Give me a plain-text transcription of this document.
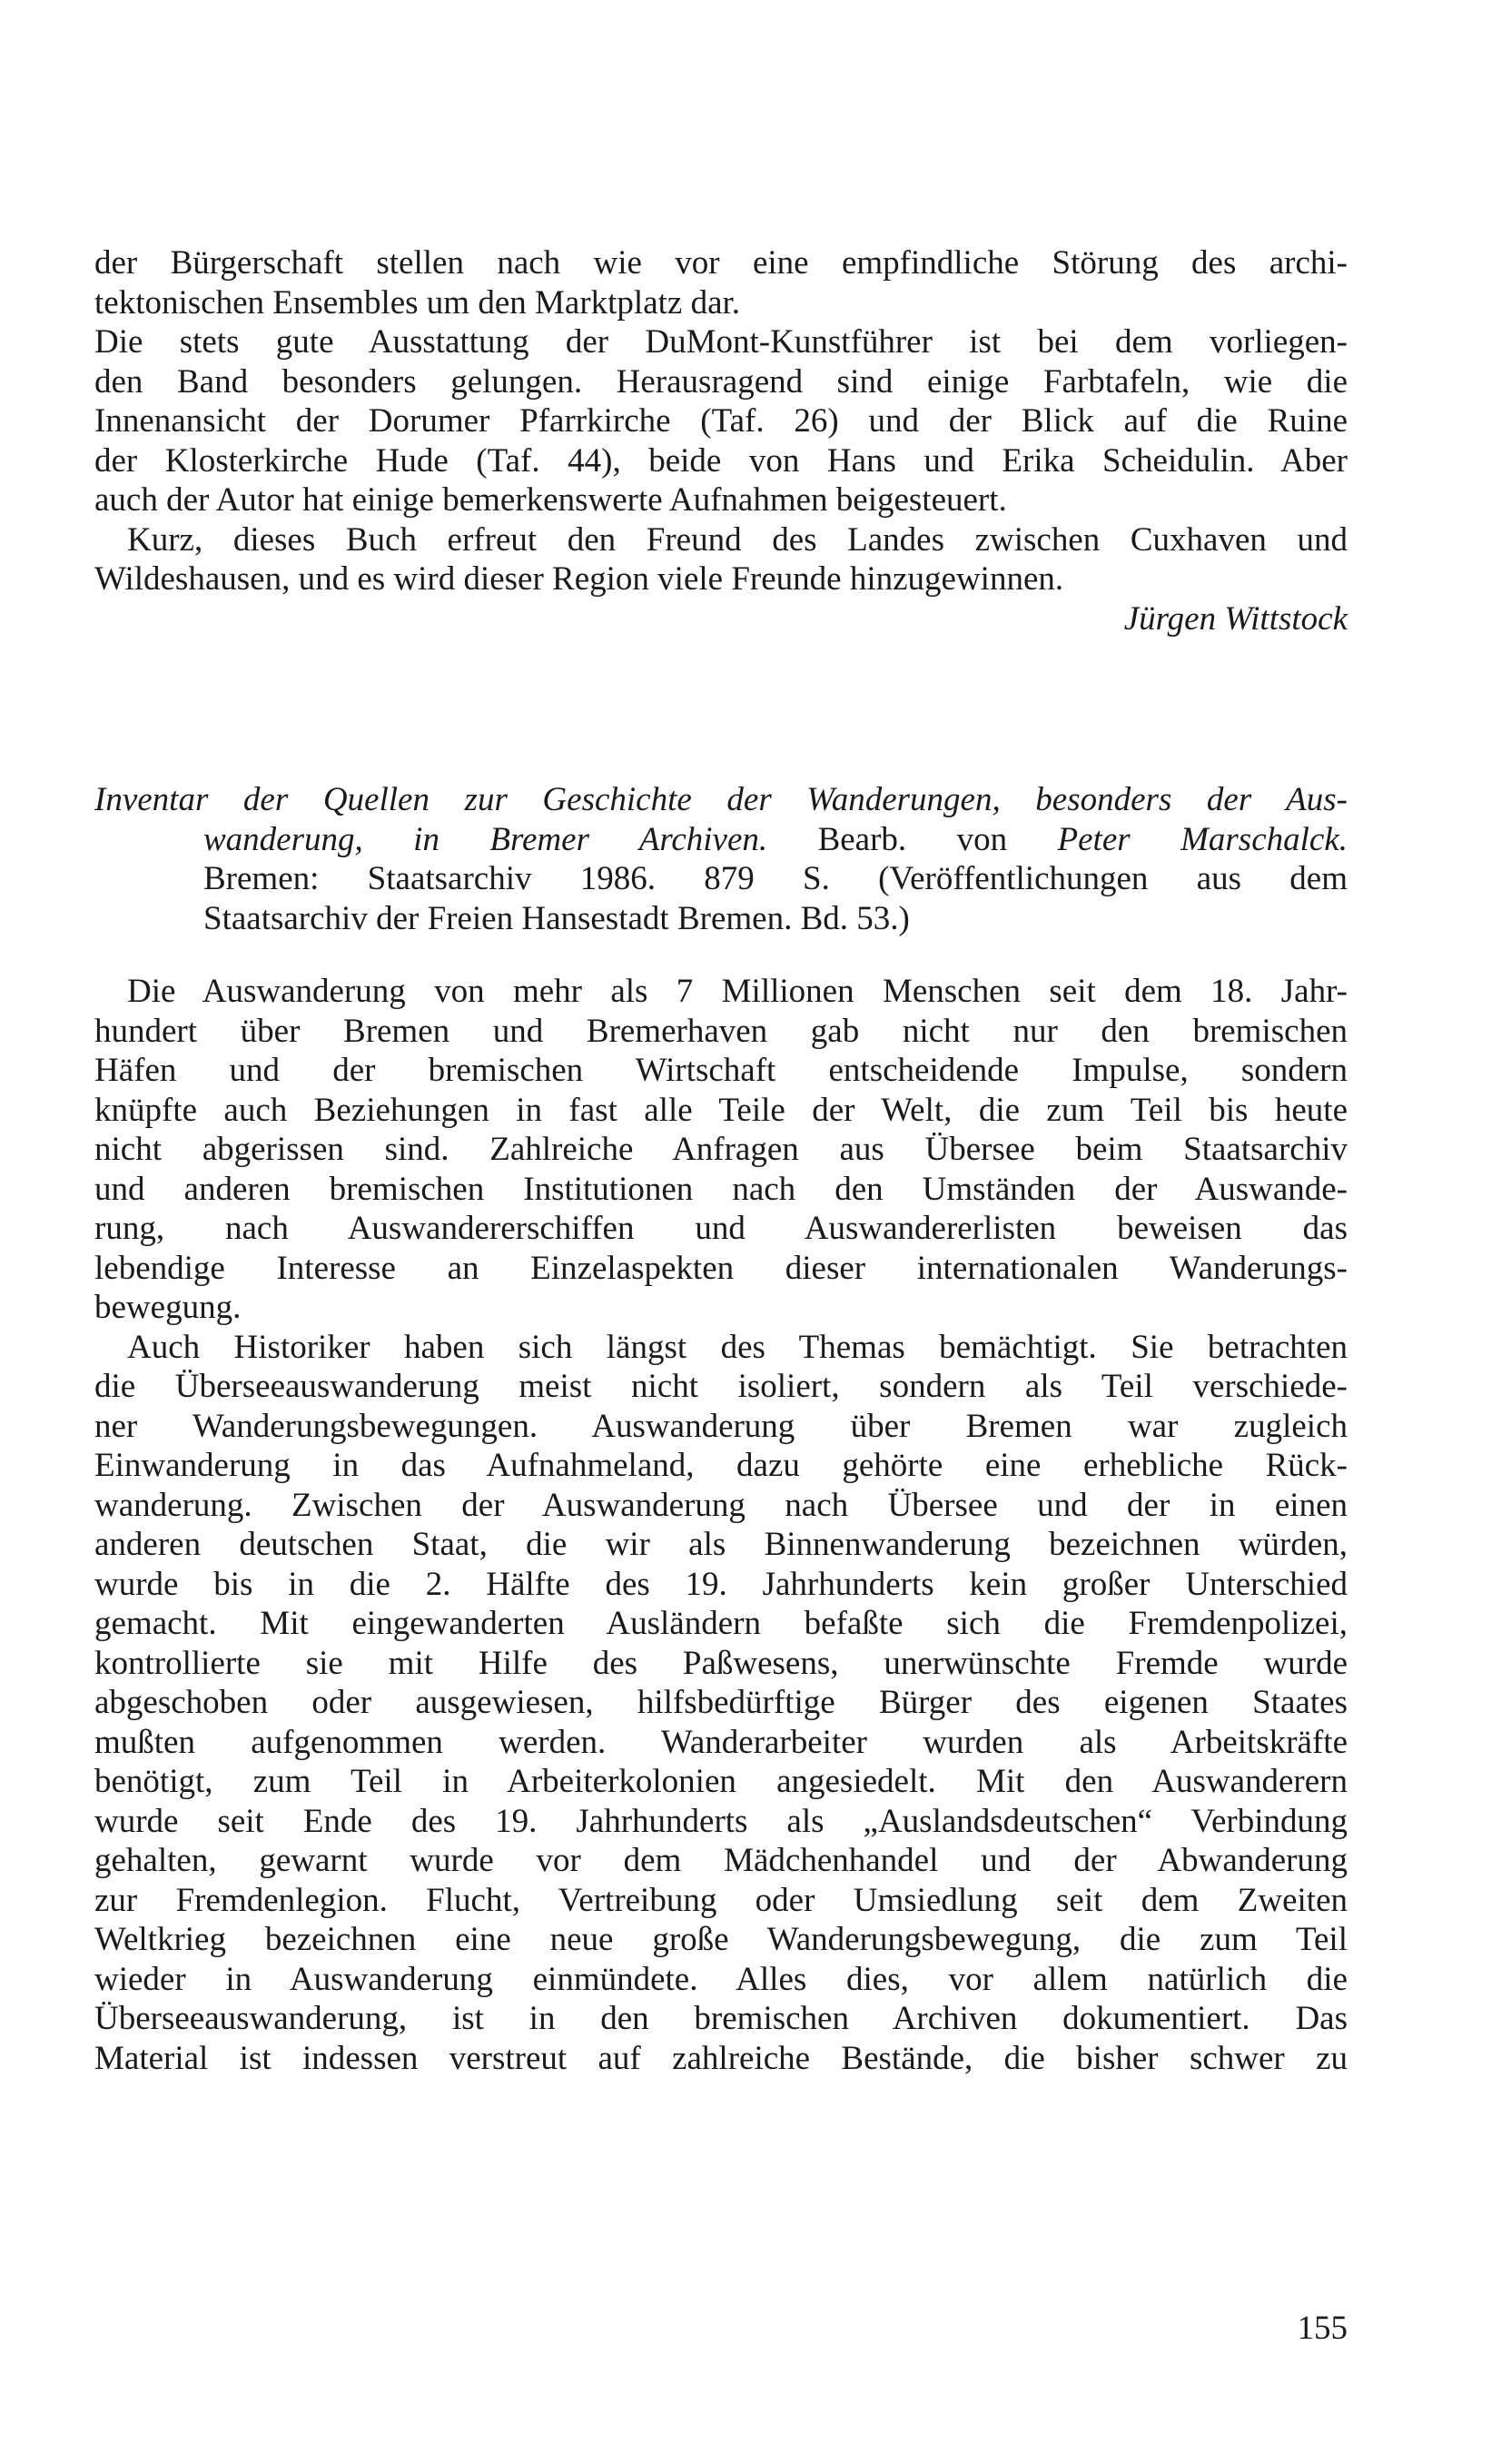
der Bürgerschaft stellen nach wie vor eine empfindliche Störung des archi-
tektonischen Ensembles um den Marktplatz dar.
Die stets gute Ausstattung der DuMont-Kunstführer ist bei dem vorliegen-
den Band besonders gelungen. Herausragend sind einige Farbtafeln, wie die
Innenansicht der Dorumer Pfarrkirche (Taf. 26) und der Blick auf die Ruine
der Klosterkirche Hude (Taf. 44), beide von Hans und Erika Scheidulin. Aber
auch der Autor hat einige bemerkenswerte Aufnahmen beigesteuert.
Kurz, dieses Buch erfreut den Freund des Landes zwischen Cuxhaven und
Wildeshausen, und es wird dieser Region viele Freunde hinzugewinnen.
Jürgen Wittstock
Inventar der Quellen zur Geschichte der Wanderungen, besonders der Aus-
wanderung, in Bremer Archiven. Bearb. von Peter Marschalck.
Bremen: Staatsarchiv 1986. 879 S. (Veröffentlichungen aus dem
Staatsarchiv der Freien Hansestadt Bremen. Bd. 53.)
Die Auswanderung von mehr als 7 Millionen Menschen seit dem 18. Jahr-
hundert über Bremen und Bremerhaven gab nicht nur den bremischen
Häfen und der bremischen Wirtschaft entscheidende Impulse, sondern
knüpfte auch Beziehungen in fast alle Teile der Welt, die zum Teil bis heute
nicht abgerissen sind. Zahlreiche Anfragen aus Übersee beim Staatsarchiv
und anderen bremischen Institutionen nach den Umständen der Auswande-
rung, nach Auswandererschiffen und Auswandererlisten beweisen das
lebendige Interesse an Einzelaspekten dieser internationalen Wanderungs-
bewegung.
Auch Historiker haben sich längst des Themas bemächtigt. Sie betrachten
die Überseeauswanderung meist nicht isoliert, sondern als Teil verschiede-
ner Wanderungsbewegungen. Auswanderung über Bremen war zugleich
Einwanderung in das Aufnahmeland, dazu gehörte eine erhebliche Rück-
wanderung. Zwischen der Auswanderung nach Übersee und der in einen
anderen deutschen Staat, die wir als Binnenwanderung bezeichnen würden,
wurde bis in die 2. Hälfte des 19. Jahrhunderts kein großer Unterschied
gemacht. Mit eingewanderten Ausländern befaßte sich die Fremdenpolizei,
kontrollierte sie mit Hilfe des Paßwesens, unerwünschte Fremde wurde
abgeschoben oder ausgewiesen, hilfsbedürftige Bürger des eigenen Staates
mußten aufgenommen werden. Wanderarbeiter wurden als Arbeitskräfte
benötigt, zum Teil in Arbeiterkolonien angesiedelt. Mit den Auswanderern
wurde seit Ende des 19. Jahrhunderts als „Auslandsdeutschen“ Verbindung
gehalten, gewarnt wurde vor dem Mädchenhandel und der Abwanderung
zur Fremdenlegion. Flucht, Vertreibung oder Umsiedlung seit dem Zweiten
Weltkrieg bezeichnen eine neue große Wanderungsbewegung, die zum Teil
wieder in Auswanderung einmündete. Alles dies, vor allem natürlich die
Überseeauswanderung, ist in den bremischen Archiven dokumentiert. Das
Material ist indessen verstreut auf zahlreiche Bestände, die bisher schwer zu
155
